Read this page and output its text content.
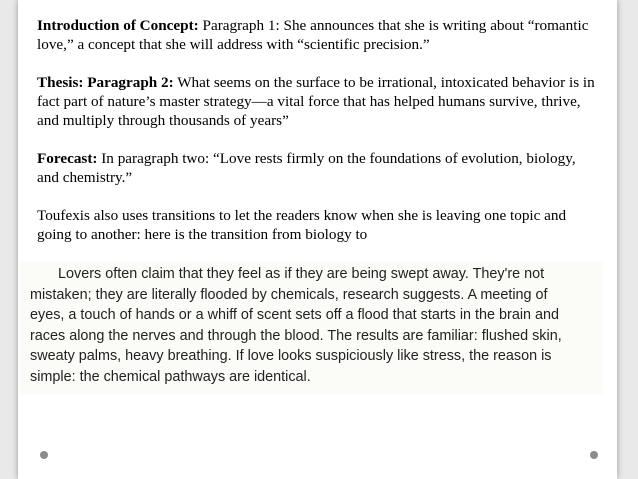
Introduction of Concept: Paragraph 1: She announces that she is writing about “romantic love,” a concept that she will address with “scientific precision.”

Thesis: Paragraph 2: What seems on the surface to be irrational, intoxicated behavior is in fact part of nature’s master strategy—a vital force that has helped humans survive, thrive, and multiply through thousands of years”

Forecast: In paragraph two: “Love rests firmly on the foundations of evolution, biology, and chemistry.”

Toufexis also uses transitions to let the readers know when she is leaving one topic and going to another: here is the transition from biology to

Lovers often claim that they feel as if they are being swept away. They're not
mistaken; they are literally flooded by chemicals, research suggests. A meeting of
eyes, a touch of hands or a whiff of scent sets off a flood that starts in the brain and
races along the nerves and through the blood. The results are familiar: flushed skin,
sweaty palms, heavy breathing. If love looks suspiciously like stress, the reason is
simple: the chemical pathways are identical.
